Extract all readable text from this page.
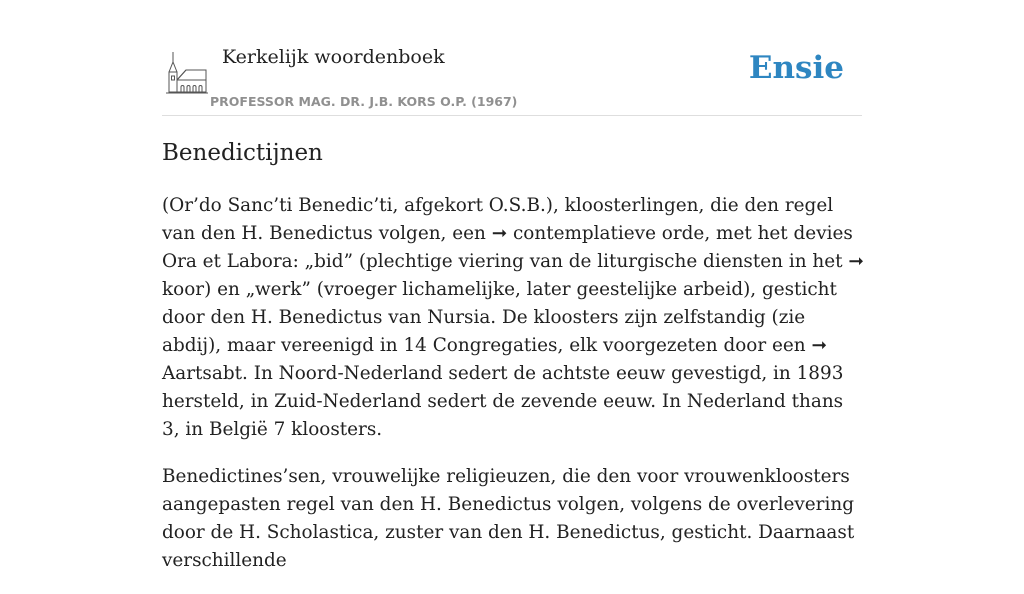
Kerkelijk woordenboek
PROFESSOR MAG. DR. J.B. KORS O.P. (1967)
Ensie
Benedictijnen

(Or’do Sanc’ti Benedic’ti, afgekort O.S.B.), kloosterlingen, die den regel van den H. Benedictus volgen, een ➞ contemplatieve orde, met het devies Ora et Labora: „bid” (plechtige viering van de liturgische diensten in het ➞ koor) en „werk” (vroeger lichamelijke, later geestelijke arbeid), gesticht door den H. Benedictus van Nursia. De kloosters zijn zelfstandig (zie abdij), maar vereenigd in 14 Congregaties, elk voorgezeten door een ➞ Aartsabt. In Noord-Nederland sedert de achtste eeuw gevestigd, in 1893 hersteld, in Zuid-Nederland sedert de zevende eeuw. In Nederland thans 3, in België 7 kloosters.

Benedictines’sen, vrouwelijke religieuzen, die den voor vrouwenkloosters aangepasten regel van den H. Benedictus volgen, volgens de overlevering door de H. Scholastica, zuster van den H. Benedictus, gesticht. Daarnaast verschillende
